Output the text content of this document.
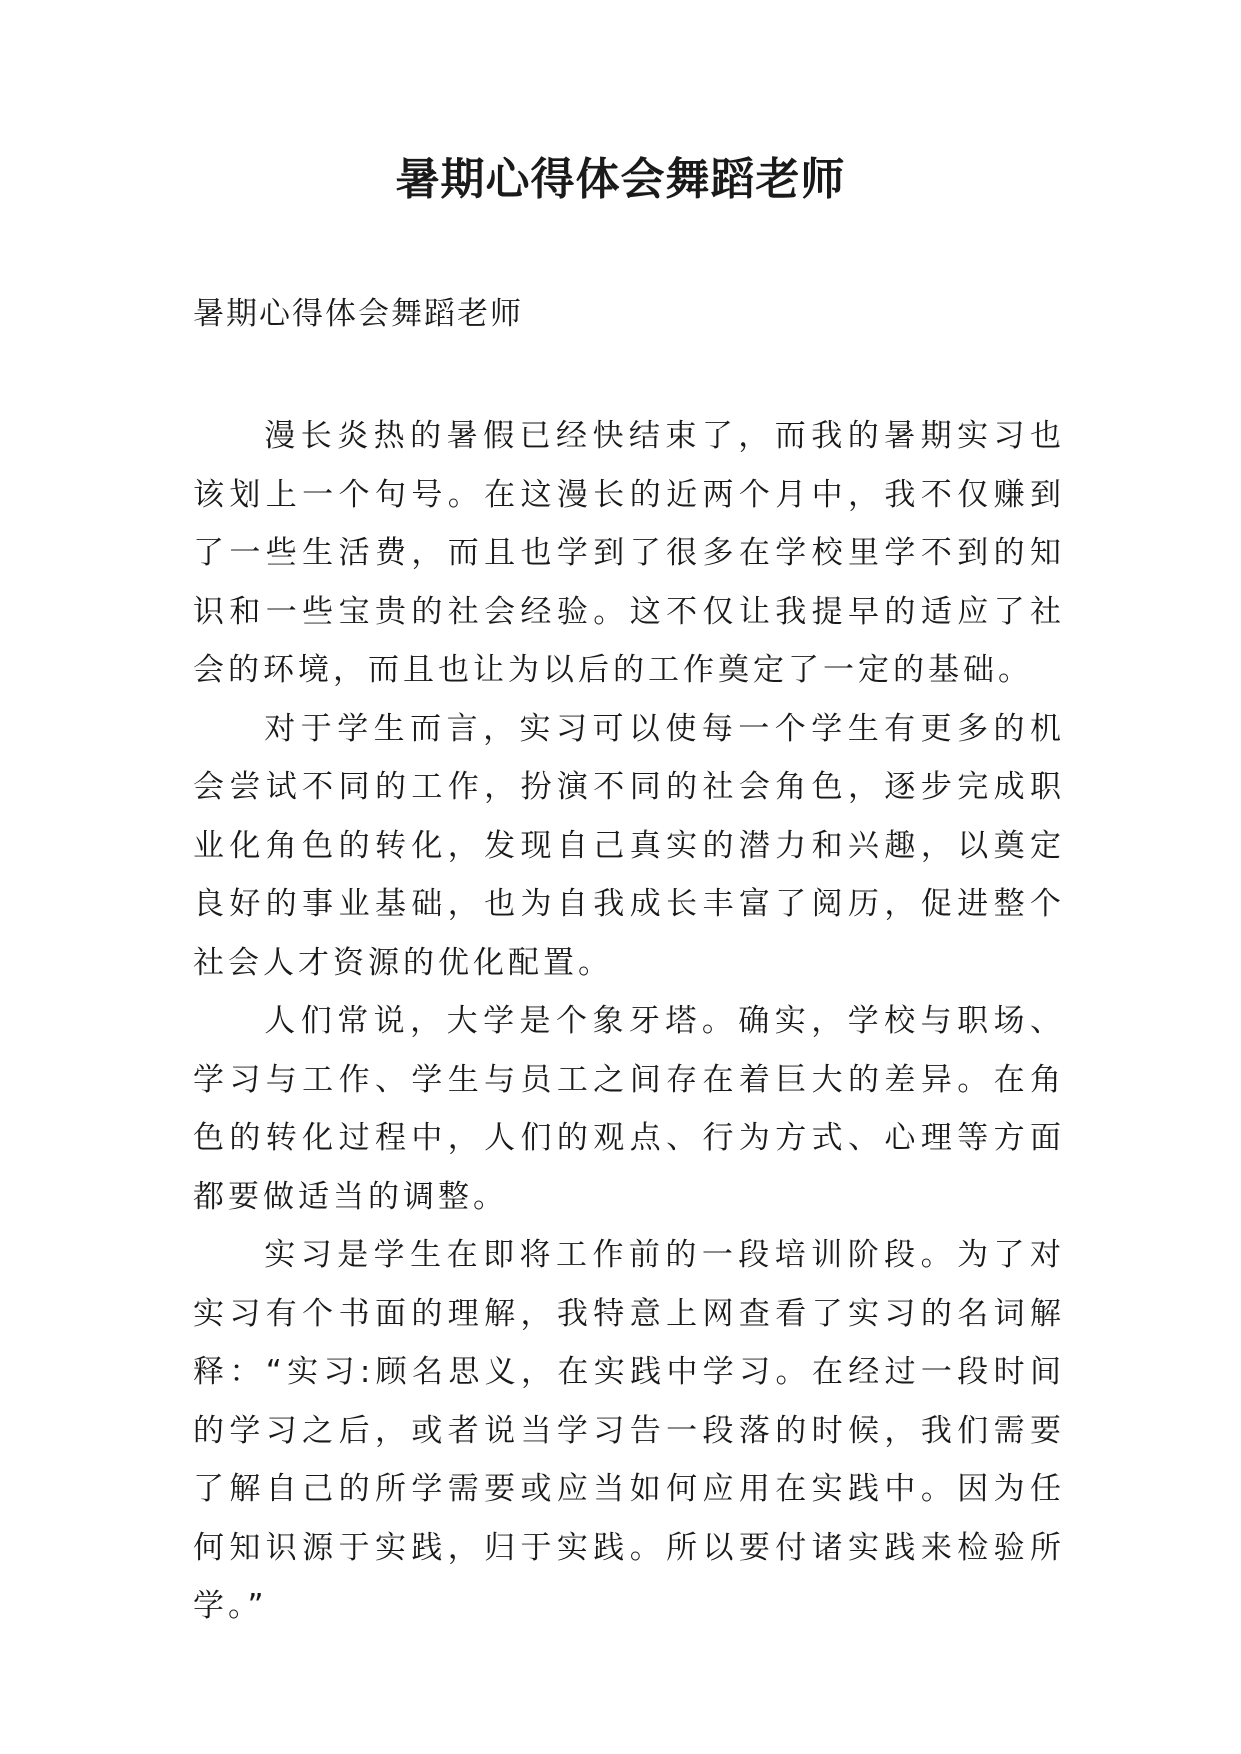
暑期心得体会舞蹈老师
暑期心得体会舞蹈老师

漫长炎热的暑假已经快结束了，而我的暑期实习也该划上一个句号。在这漫长的近两个月中，我不仅赚到了一些生活费，而且也学到了很多在学校里学不到的知识和一些宝贵的社会经验。这不仅让我提早的适应了社会的环境，而且也让为以后的工作奠定了一定的基础。

对于学生而言，实习可以使每一个学生有更多的机会尝试不同的工作，扮演不同的社会角色，逐步完成职业化角色的转化，发现自己真实的潜力和兴趣，以奠定良好的事业基础，也为自我成长丰富了阅历，促进整个社会人才资源的优化配置。

人们常说，大学是个象牙塔。确实，学校与职场、学习与工作、学生与员工之间存在着巨大的差异。在角色的转化过程中，人们的观点、行为方式、心理等方面都要做适当的调整。

实习是学生在即将工作前的一段培训阶段。为了对实习有个书面的理解，我特意上网查看了实习的名词解释：“实习:顾名思义，在实践中学习。在经过一段时间的学习之后，或者说当学习告一段落的时候，我们需要了解自己的所学需要或应当如何应用在实践中。因为任何知识源于实践，归于实践。所以要付诸实践来检验所学。”
